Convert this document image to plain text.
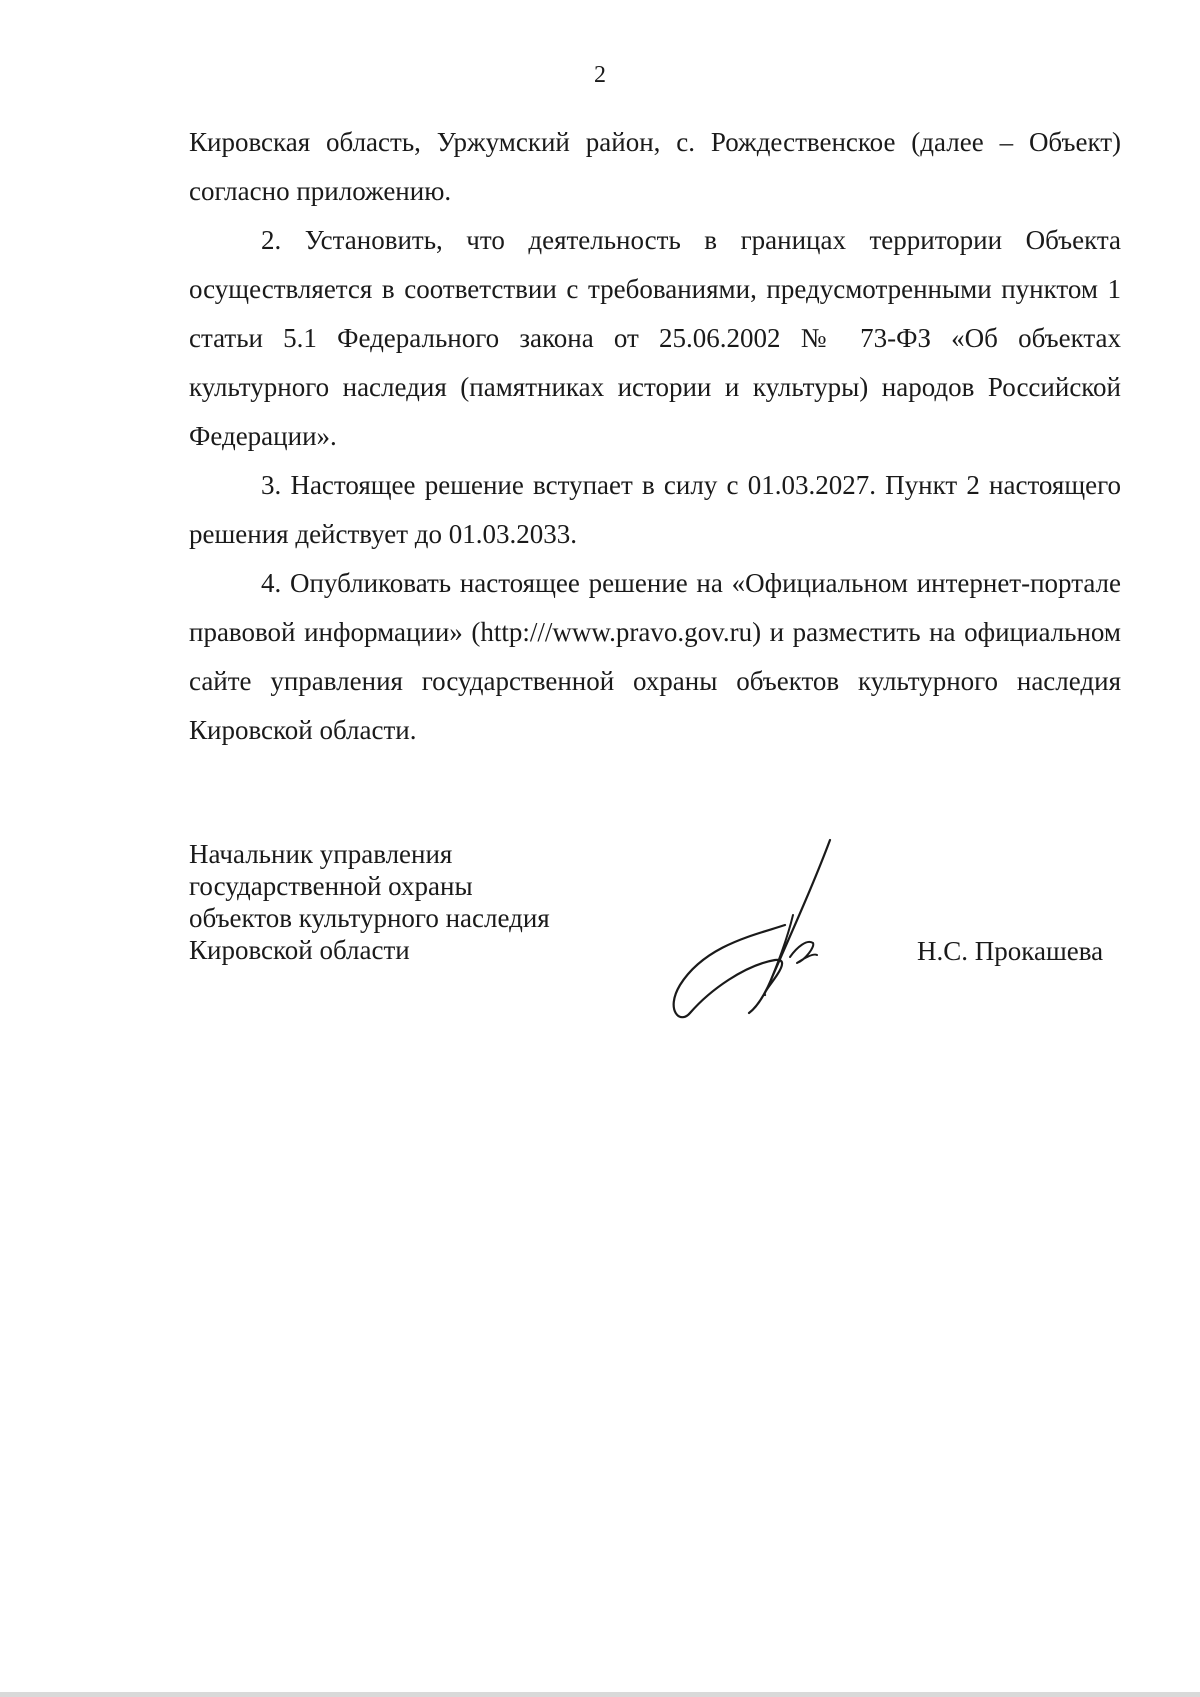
2

Кировская область, Уржумский район, с. Рождественское (далее – Объект) согласно приложению.

2. Установить, что деятельность в границах территории Объекта осуществляется в соответствии с требованиями, предусмотренными пунктом 1 статьи 5.1 Федерального закона от 25.06.2002 № 73-ФЗ «Об объектах культурного наследия (памятниках истории и культуры) народов Российской Федерации».

3. Настоящее решение вступает в силу с 01.03.2027. Пункт 2 настоящего решения действует до 01.03.2033.

4. Опубликовать настоящее решение на «Официальном интернет-портале правовой информации» (http:///www.pravo.gov.ru) и разместить на официальном сайте управления государственной охраны объектов культурного наследия Кировской области.

Начальник управления
государственной охраны
объектов культурного наследия
Кировской области	Н.С. Прокашева
